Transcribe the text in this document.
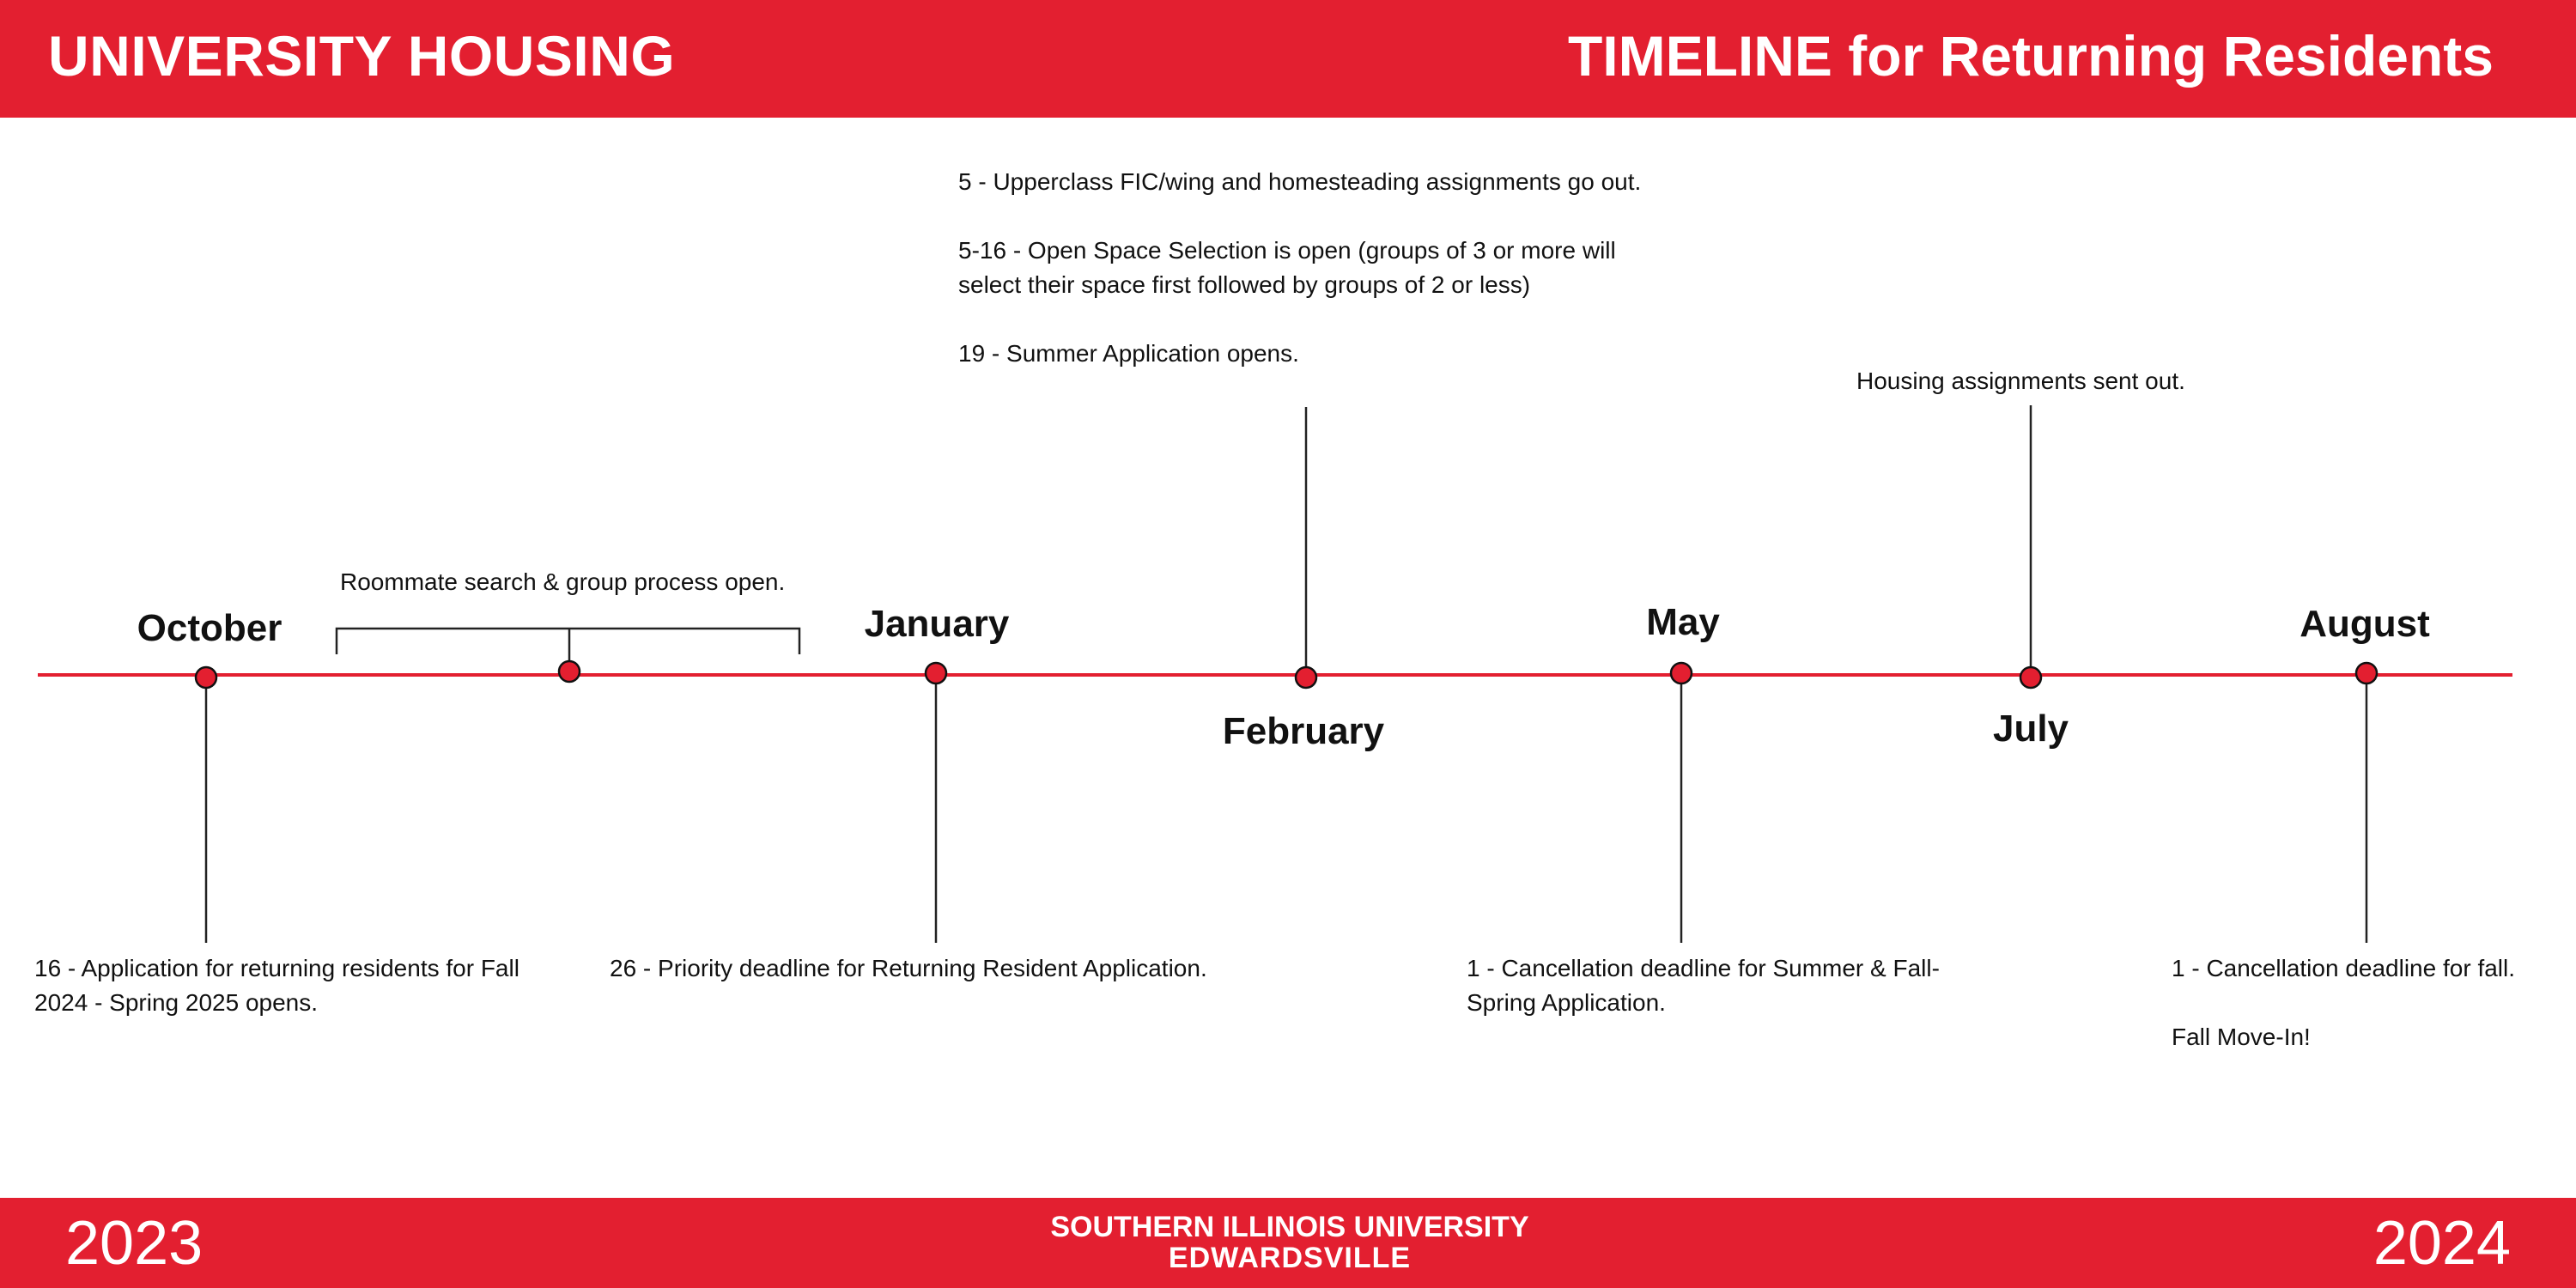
UNIVERSITY HOUSING	TIMELINE for Returning Residents
October	January
February
May
July
August

Roommate search & group process open.

5 - Upperclass FIC/wing and homesteading assignments go out.

5-16 - Open Space Selection is open (groups of 3 or more will select their space first followed by groups of 2 or less)

19 - Summer Application opens.

Housing assignments sent out.

16 - Application for returning residents for Fall 2024 - Spring 2025 opens.

26 - Priority deadline for Returning Resident Application.	1 - Cancellation deadline for Summer & Fall-Spring Application.

1 - Cancellation deadline for fall.

Fall Move-In!

2023	SOUTHERN ILLINOIS UNIVERSITY
EDWARDSVILLE	2024
